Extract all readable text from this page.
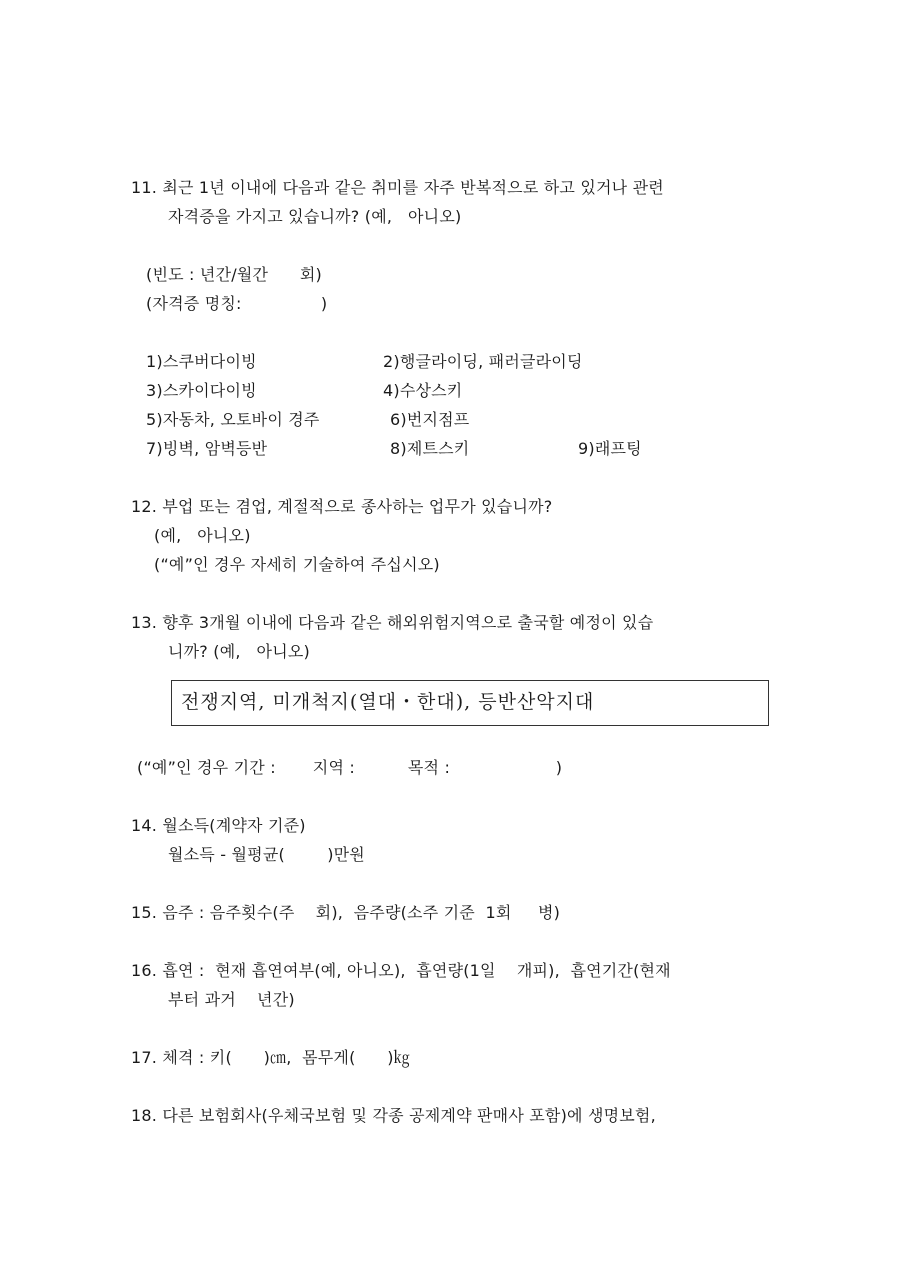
11. 최근 1년 이내에 다음과 같은 취미를 자주 반복적으로 하고 있거나 관련
자격증을 가지고 있습니까? (예,   아니오)
(빈도 : 년간/월간      회)
(자격증 명칭:               )
1)스쿠버다이빙	2)행글라이딩, 패러글라이딩
3)스카이다이빙	4)수상스키
5)자동차, 오토바이 경주	6)번지점프
7)빙벽, 암벽등반	8)제트스키	9)래프팅
12. 부업 또는 겸업, 계절적으로 종사하는 업무가 있습니까?
(예,   아니오)
(“예”인 경우 자세히 기술하여 주십시오)
13. 향후 3개월 이내에 다음과 같은 해외위험지역으로 출국할 예정이 있습
니까? (예,   아니오)
전쟁지역, 미개척지(열대・한대), 등반산악지대
(“예”인 경우 기간 :       지역 :          목적 :                    )
14. 월소득(계약자 기준)
월소득 - 월평균(        )만원
15. 음주 : 음주횟수(주    회),  음주량(소주 기준  1회     병)
16. 흡연 :  현재 흡연여부(예, 아니오),  흡연량(1일    개피),  흡연기간(현재
부터 과거    년간)
17. 체격 : 키(      )㎝,  몸무게(      )㎏
18. 다른 보험회사(우체국보험 및 각종 공제계약 판매사 포함)에 생명보험,
